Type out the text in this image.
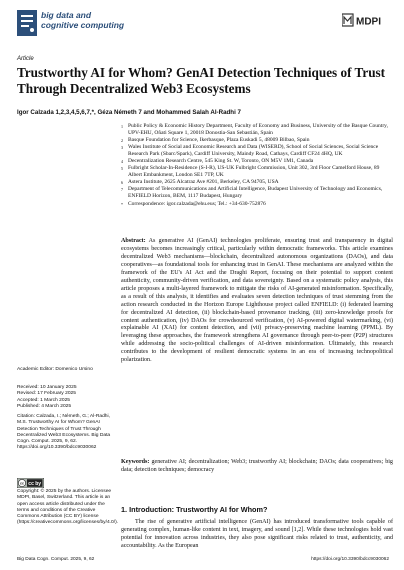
big data and
cognitive computing	MDPI
Article
Trustworthy AI for Whom? GenAI Detection Techniques of Trust Through Decentralized Web3 Ecosystems
Igor Calzada 1,2,3,4,5,6,7,*, Géza Németh 7 and Mohammed Salah Al-Radhi 7
1 Public Policy & Economic History Department, Faculty of Economy and Business, University of the Basque Country, UPV-EHU, Oñati Square 1, 20018 Donostia-San Sebastián, Spain
2 Basque Foundation for Science, Ikerbasque, Plaza Euskadi 5, 48009 Bilbao, Spain
3 Wales Institute of Social and Economic Research and Data (WISERD), School of Social Sciences, Social Science Research Park (Sbarc/Spark), Cardiff University, Maindy Road, Cathays, Cardiff CF24 4HQ, UK
4 Decentralization Research Centre, 545 King St. W, Toronto, ON M5V 1M1, Canada
5 Fulbright Scholar-In-Residence (S-I-R), US-UK Fulbright Commission, Unit 302, 3rd Floor Camelford House, 89 Albert Embankment, London SE1 7TP, UK
6 Astera Institute, 2625 Alcatraz Ave #201, Berkeley, CA 94705, USA
7 Department of Telecommunications and Artificial Intelligence, Budapest University of Technology and Economics, ENFIELD Horizon, BEM, 1117 Budapest, Hungary
* Correspondence: igor.calzada@ehu.eus; Tel.: +34-630-752876
Academic Editor: Domenico Ursino
Received: 10 January 2025
Revised: 17 February 2025
Accepted: 1 March 2025
Published: 4 March 2025
Citation: Calzada, I.; Németh, G.; Al-Radhi, M.S. Trustworthy AI for Whom? GenAI Detection Techniques of Trust Through Decentralized Web3 Ecosystems. Big Data Cogn. Comput. 2025, 9, 62. https://doi.org/10.3390/bdcc9030062
cc cc by
Copyright: © 2025 by the authors. Licensee MDPI, Basel, Switzerland. This article is an open access article distributed under the terms and conditions of the Creative Commons Attribution (CC BY) license (https://creativecommons.org/licenses/by/4.0/).
Abstract: As generative AI (GenAI) technologies proliferate, ensuring trust and transparency in digital ecosystems becomes increasingly critical, particularly within democratic frameworks. This article examines decentralized Web3 mechanisms—blockchain, decentralized autonomous organizations (DAOs), and data cooperatives—as foundational tools for enhancing trust in GenAI. These mechanisms are analyzed within the framework of the EU's AI Act and the Draghi Report, focusing on their potential to support content authenticity, community-driven verification, and data sovereignty. Based on a systematic policy analysis, this article proposes a multi-layered framework to mitigate the risks of AI-generated misinformation. Specifically, as a result of this analysis, it identifies and evaluates seven detection techniques of trust stemming from the action research conducted in the Horizon Europe Lighthouse project called ENFIELD: (i) federated learning for decentralized AI detection, (ii) blockchain-based provenance tracking, (iii) zero-knowledge proofs for content authentication, (iv) DAOs for crowdsourced verification, (v) AI-powered digital watermarking, (vi) explainable AI (XAI) for content detection, and (vii) privacy-preserving machine learning (PPML). By leveraging these approaches, the framework strengthens AI governance through peer-to-peer (P2P) structures while addressing the socio-political challenges of AI-driven misinformation. Ultimately, this research contributes to the development of resilient democratic systems in an era of increasing technopolitical polarization.
Keywords: generative AI; decentralization; Web3; trustworthy AI; blockchain; DAOs; data cooperatives; big data; detection techniques; democracy
1. Introduction: Trustworthy AI for Whom?
The rise of generative artificial intelligence (GenAI) has introduced transformative tools capable of generating complex, human-like content in text, imagery, and sound [1,2]. While these technologies hold vast potential for innovation across industries, they also pose significant risks related to trust, authenticity, and accountability. As the European
Big Data Cogn. Comput. 2025, 9, 62	https://doi.org/10.3390/bdcc9030062
